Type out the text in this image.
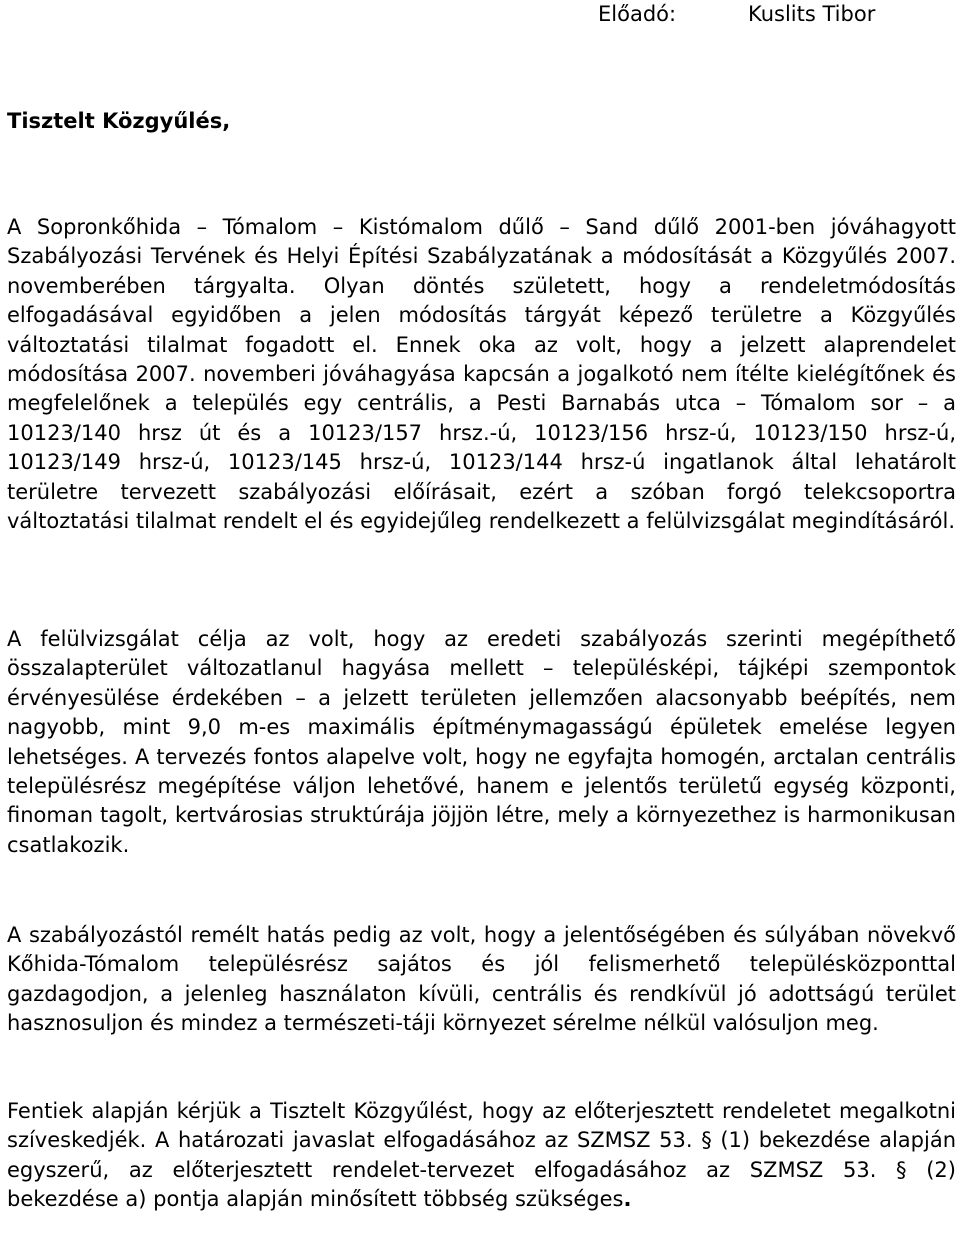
Előadó:	Kuslits Tibor
Tisztelt Közgyűlés,

A Sopronkőhida – Tómalom – Kistómalom dűlő – Sand dűlő 2001-ben jóváhagyott Szabályozási Tervének és Helyi Építési Szabályzatának a módosítását a Közgyűlés 2007. novemberében tárgyalta. Olyan döntés született, hogy a rendeletmódosítás elfogadásával egyidőben a jelen módosítás tárgyát képező területre a Közgyűlés változtatási tilalmat fogadott el. Ennek oka az volt, hogy a jelzett alaprendelet módosítása 2007. novemberi jóváhagyása kapcsán a jogalkotó nem ítélte kielégítőnek és megfelelőnek a település egy centrális, a Pesti Barnabás utca – Tómalom sor – a 10123/140 hrsz út és a 10123/157 hrsz.-ú, 10123/156 hrsz-ú, 10123/150 hrsz-ú, 10123/149 hrsz-ú, 10123/145 hrsz-ú, 10123/144 hrsz-ú ingatlanok által lehatárolt területre tervezett szabályozási előírásait, ezért a szóban forgó telekcsoportra változtatási tilalmat rendelt el és egyidejűleg rendelkezett a felülvizsgálat megindításáról.

A felülvizsgálat célja az volt, hogy az eredeti szabályozás szerinti megépíthető összalapterület változatlanul hagyása mellett – településképi, tájképi szempontok érvényesülése érdekében – a jelzett területen jellemzően alacsonyabb beépítés, nem nagyobb, mint 9,0 m-es maximális építménymagasságú épületek emelése legyen lehetséges. A tervezés fontos alapelve volt, hogy ne egyfajta homogén, arctalan centrális településrész megépítése váljon lehetővé, hanem e jelentős területű egység központi, finoman tagolt, kertvárosias struktúrája jöjjön létre, mely a környezethez is harmonikusan csatlakozik.

A szabályozástól remélt hatás pedig az volt, hogy a jelentőségében és súlyában növekvő Kőhida-Tómalom településrész sajátos és jól felismerhető településközponttal gazdagodjon, a jelenleg használaton kívüli, centrális és rendkívül jó adottságú terület hasznosuljon és mindez a természeti-táji környezet sérelme nélkül valósuljon meg.

Fentiek alapján kérjük a Tisztelt Közgyűlést, hogy az előterjesztett rendeletet megalkotni szíveskedjék. A határozati javaslat elfogadásához az SZMSZ 53. § (1) bekezdése alapján egyszerű, az előterjesztett rendelet-tervezet elfogadásához az SZMSZ 53. § (2) bekezdése a) pontja alapján minősített többség szükséges.
